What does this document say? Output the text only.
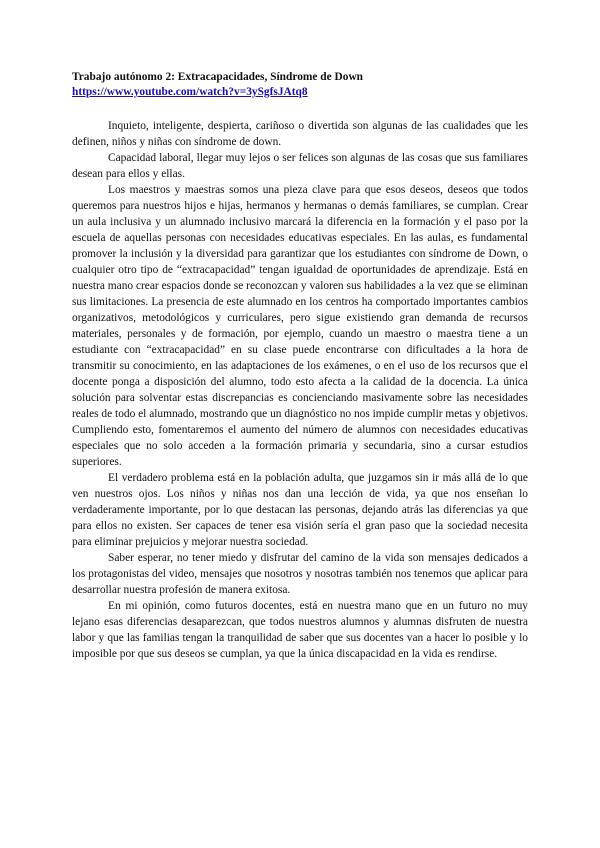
Trabajo autónomo 2: Extracapacidades, Síndrome de Down

https://www.youtube.com/watch?v=3ySgfsJAtq8

Inquieto, inteligente, despierta, cariñoso o divertida son algunas de las cualidades que les definen, niños y niñas con síndrome de down.

Capacidad laboral, llegar muy lejos o ser felices son algunas de las cosas que sus familiares desean para ellos y ellas.

Los maestros y maestras somos una pieza clave para que esos deseos, deseos que todos queremos para nuestros hijos e hijas, hermanos y hermanas o demás familiares, se cumplan. Crear un aula inclusiva y un alumnado inclusivo marcará la diferencia en la formación y el paso por la escuela de aquellas personas con necesidades educativas especiales. En las aulas, es fundamental promover la inclusión y la diversidad para garantizar que los estudiantes con síndrome de Down, o cualquier otro tipo de “extracapacidad” tengan igualdad de oportunidades de aprendizaje. Está en nuestra mano crear espacios donde se reconozcan y valoren sus habilidades a la vez que se eliminan sus limitaciones. La presencia de este alumnado en los centros ha comportado importantes cambios organizativos, metodológicos y curriculares, pero sigue existiendo gran demanda de recursos materiales, personales y de formación, por ejemplo, cuando un maestro o maestra tiene a un estudiante con “extracapacidad” en su clase puede encontrarse con dificultades a la hora de transmitir su conocimiento, en las adaptaciones de los exámenes, o en el uso de los recursos que el docente ponga a disposición del alumno, todo esto afecta a la calidad de la docencia. La única solución para solventar estas discrepancias es concienciando masivamente sobre las necesidades reales de todo el alumnado, mostrando que un diagnóstico no nos impide cumplir metas y objetivos. Cumpliendo esto, fomentaremos el aumento del número de alumnos con necesidades educativas especiales que no solo acceden a la formación primaria y secundaria, sino a cursar estudios superiores.

El verdadero problema está en la población adulta, que juzgamos sin ir más allá de lo que ven nuestros ojos. Los niños y niñas nos dan una lección de vida, ya que nos enseñan lo verdaderamente importante, por lo que destacan las personas, dejando atrás las diferencias ya que para ellos no existen. Ser capaces de tener esa visión sería el gran paso que la sociedad necesita para eliminar prejuicios y mejorar nuestra sociedad.

Saber esperar, no tener miedo y disfrutar del camino de la vida son mensajes dedicados a los protagonistas del video, mensajes que nosotros y nosotras también nos tenemos que aplicar para desarrollar nuestra profesión de manera exitosa.

En mi opinión, como futuros docentes, está en nuestra mano que en un futuro no muy lejano esas diferencias desaparezcan, que todos nuestros alumnos y alumnas disfruten de nuestra labor y que las familias tengan la tranquilidad de saber que sus docentes van a hacer lo posible y lo imposible por que sus deseos se cumplan, ya que la única discapacidad en la vida es rendirse.
